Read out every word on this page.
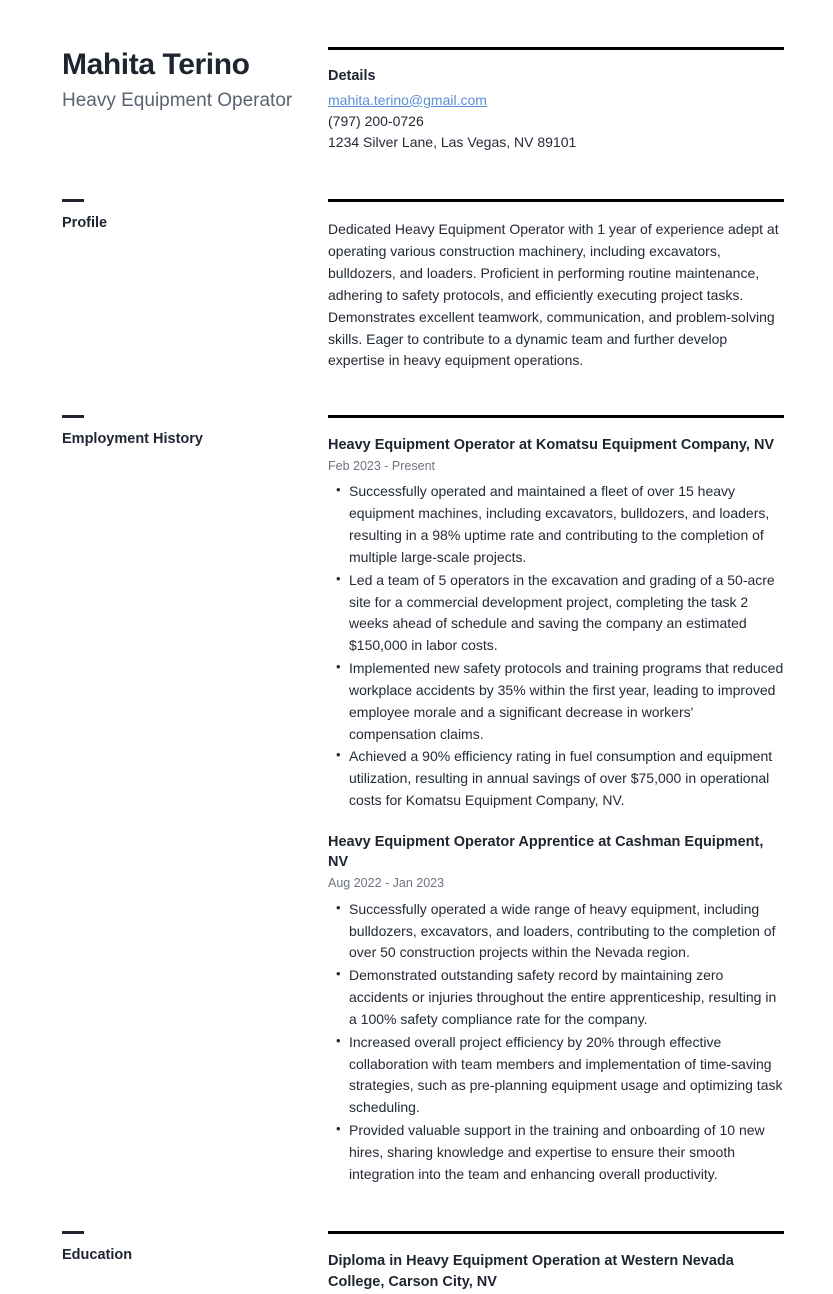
Mahita Terino
Heavy Equipment Operator
Details
mahita.terino@gmail.com
(797) 200-0726
1234 Silver Lane, Las Vegas, NV 89101
Profile	Dedicated Heavy Equipment Operator with 1 year of experience adept at operating various construction machinery, including excavators, bulldozers, and loaders. Proficient in performing routine maintenance, adhering to safety protocols, and efficiently executing project tasks. Demonstrates excellent teamwork, communication, and problem-solving skills. Eager to contribute to a dynamic team and further develop expertise in heavy equipment operations.

Employment History	Heavy Equipment Operator at Komatsu Equipment Company, NV
Feb 2023 - Present
• Successfully operated and maintained a fleet of over 15 heavy equipment machines, including excavators, bulldozers, and loaders, resulting in a 98% uptime rate and contributing to the completion of multiple large-scale projects.
• Led a team of 5 operators in the excavation and grading of a 50-acre site for a commercial development project, completing the task 2 weeks ahead of schedule and saving the company an estimated $150,000 in labor costs.
• Implemented new safety protocols and training programs that reduced workplace accidents by 35% within the first year, leading to improved employee morale and a significant decrease in workers' compensation claims.
• Achieved a 90% efficiency rating in fuel consumption and equipment utilization, resulting in annual savings of over $75,000 in operational costs for Komatsu Equipment Company, NV.
Heavy Equipment Operator Apprentice at Cashman Equipment, NV
Aug 2022 - Jan 2023
• Successfully operated a wide range of heavy equipment, including bulldozers, excavators, and loaders, contributing to the completion of over 50 construction projects within the Nevada region.
• Demonstrated outstanding safety record by maintaining zero accidents or injuries throughout the entire apprenticeship, resulting in a 100% safety compliance rate for the company.
• Increased overall project efficiency by 20% through effective collaboration with team members and implementation of time-saving strategies, such as pre-planning equipment usage and optimizing task scheduling.
• Provided valuable support in the training and onboarding of 10 new hires, sharing knowledge and expertise to ensure their smooth integration into the team and enhancing overall productivity.
Education	Diploma in Heavy Equipment Operation at Western Nevada College, Carson City, NV
